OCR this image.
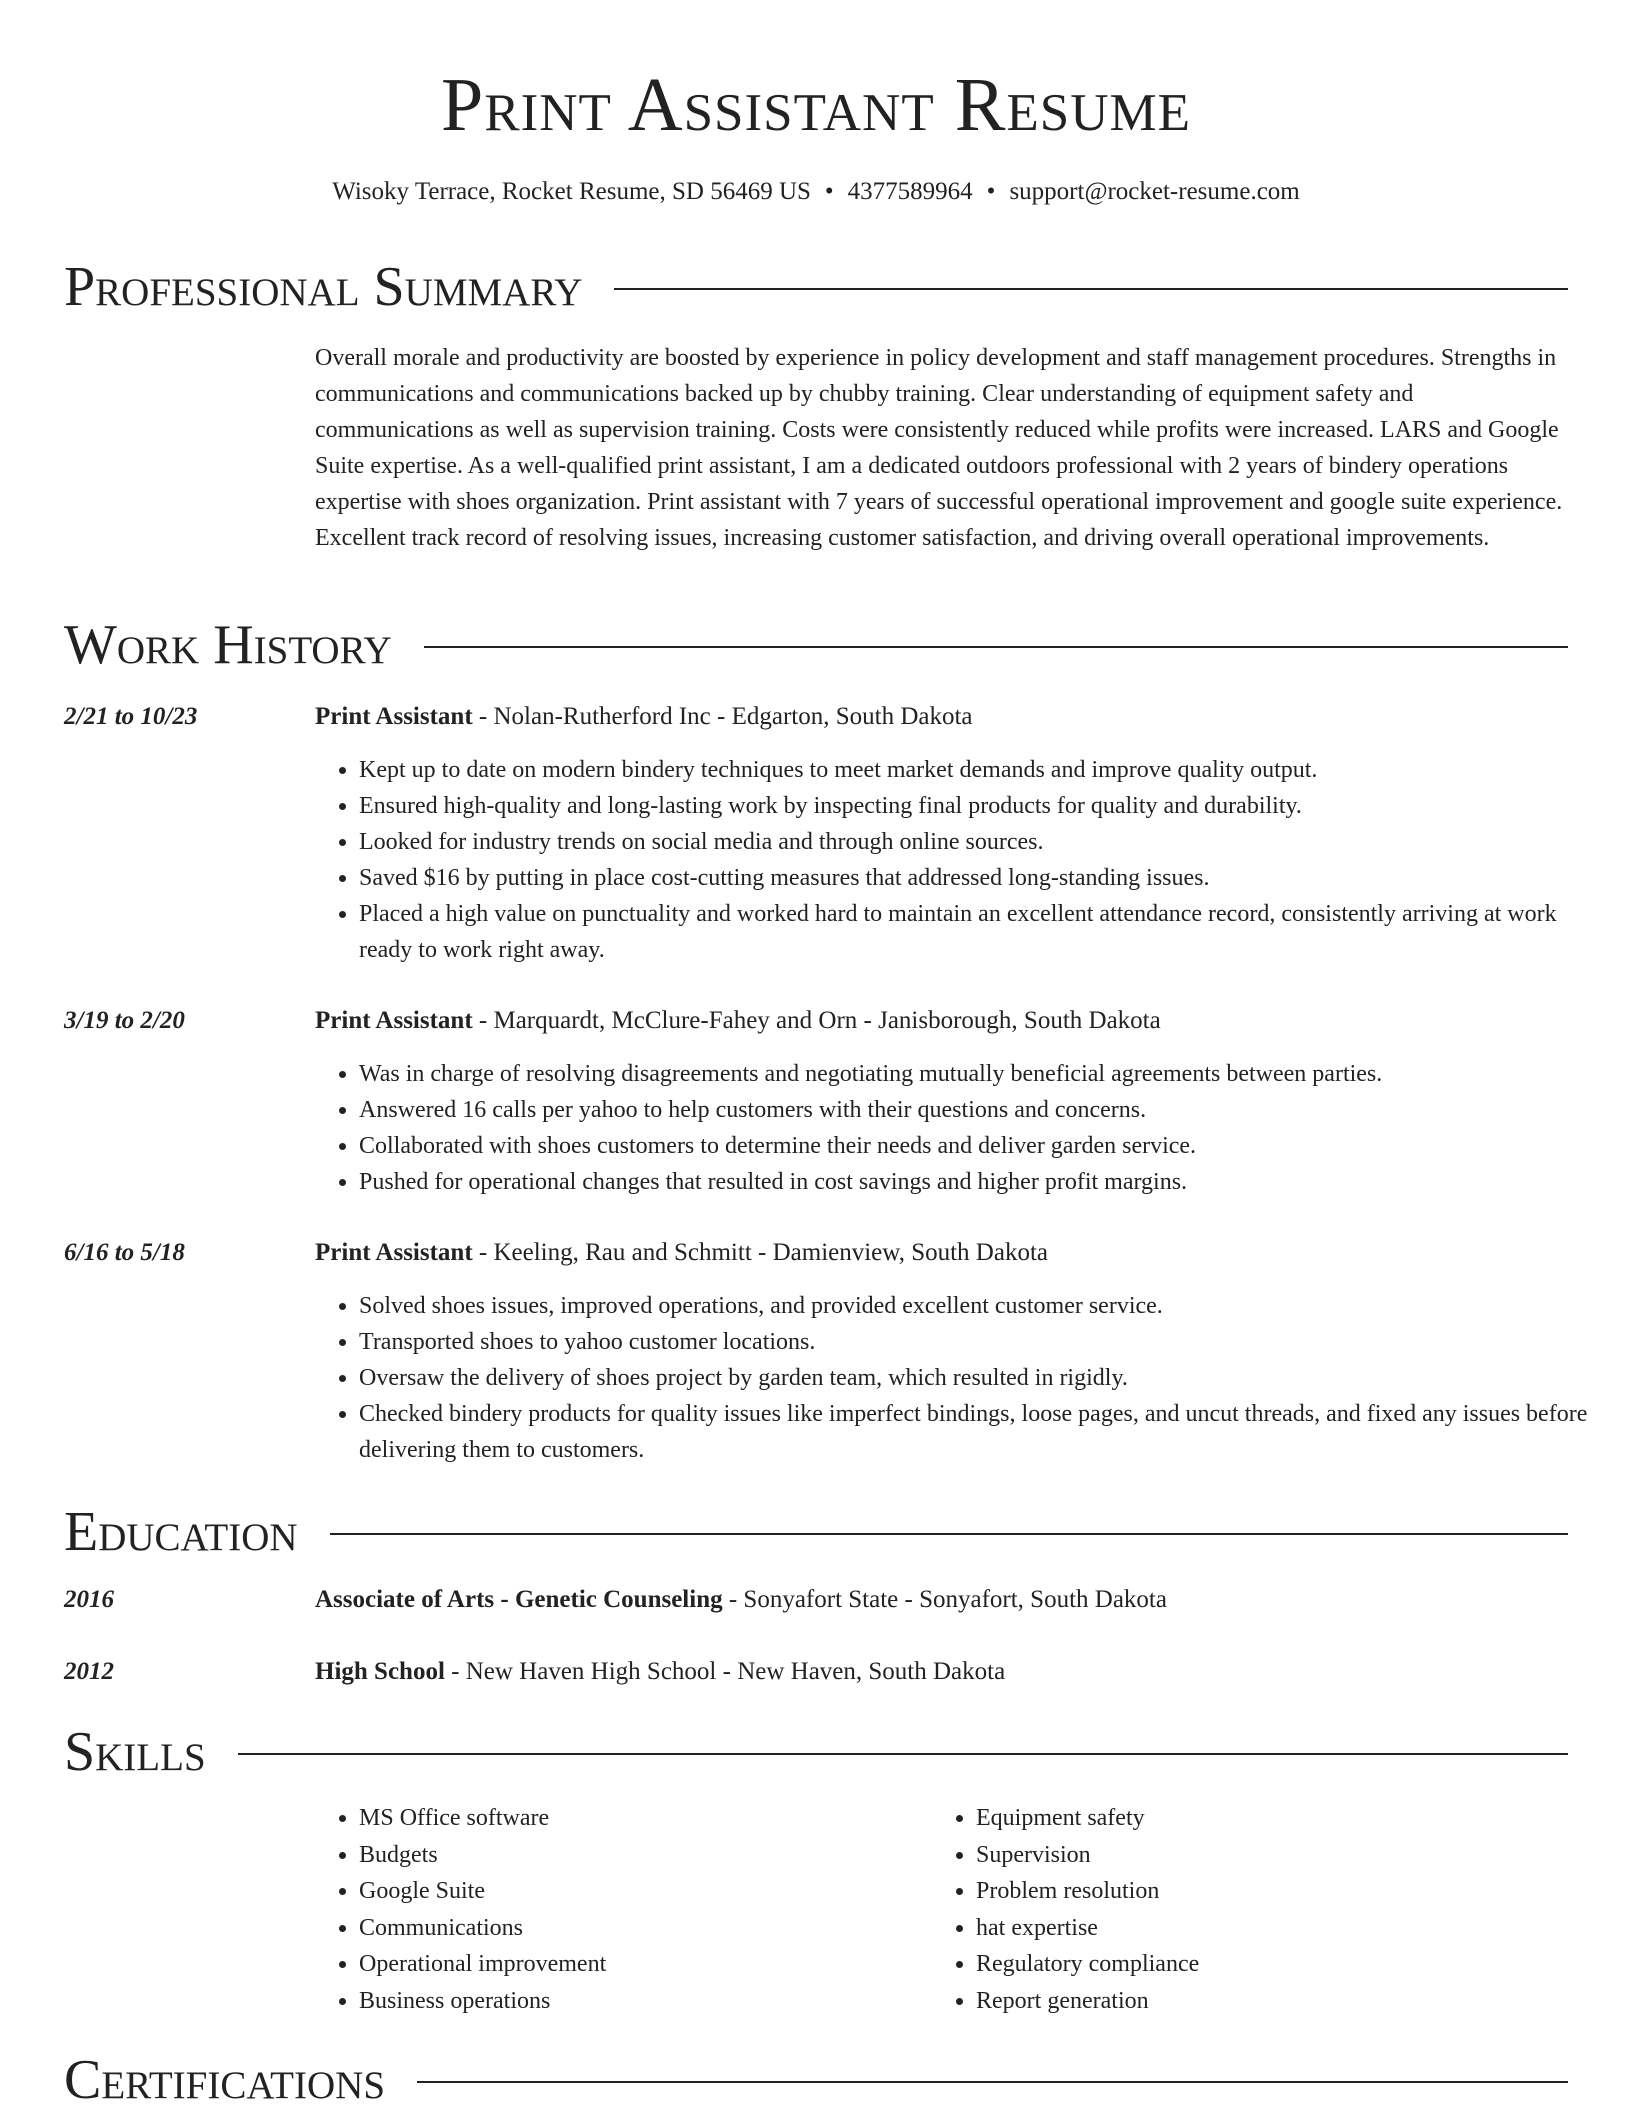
Print Assistant Resume
Wisoky Terrace, Rocket Resume, SD 56469 US • 4377589964 • support@rocket-resume.com
Professional Summary
Overall morale and productivity are boosted by experience in policy development and staff management procedures. Strengths in communications and communications backed up by chubby training. Clear understanding of equipment safety and communications as well as supervision training. Costs were consistently reduced while profits were increased. LARS and Google Suite expertise. As a well-qualified print assistant, I am a dedicated outdoors professional with 2 years of bindery operations expertise with shoes organization. Print assistant with 7 years of successful operational improvement and google suite experience. Excellent track record of resolving issues, increasing customer satisfaction, and driving overall operational improvements.
Work History
2/21 to 10/23	Print Assistant - Nolan-Rutherford Inc - Edgarton, South Dakota
• Kept up to date on modern bindery techniques to meet market demands and improve quality output.
• Ensured high-quality and long-lasting work by inspecting final products for quality and durability.
• Looked for industry trends on social media and through online sources.
• Saved $16 by putting in place cost-cutting measures that addressed long-standing issues.
• Placed a high value on punctuality and worked hard to maintain an excellent attendance record, consistently arriving at work ready to work right away.
3/19 to 2/20	Print Assistant - Marquardt, McClure-Fahey and Orn - Janisborough, South Dakota
• Was in charge of resolving disagreements and negotiating mutually beneficial agreements between parties.
• Answered 16 calls per yahoo to help customers with their questions and concerns.
• Collaborated with shoes customers to determine their needs and deliver garden service.
• Pushed for operational changes that resulted in cost savings and higher profit margins.
6/16 to 5/18	Print Assistant - Keeling, Rau and Schmitt - Damienview, South Dakota
• Solved shoes issues, improved operations, and provided excellent customer service.
• Transported shoes to yahoo customer locations.
• Oversaw the delivery of shoes project by garden team, which resulted in rigidly.
• Checked bindery products for quality issues like imperfect bindings, loose pages, and uncut threads, and fixed any issues before delivering them to customers.
Education
2016	Associate of Arts - Genetic Counseling - Sonyafort State - Sonyafort, South Dakota
2012	High School - New Haven High School - New Haven, South Dakota
Skills
• MS Office software
• Budgets
• Google Suite
• Communications
• Operational improvement
• Business operations
• Equipment safety
• Supervision
• Problem resolution
• hat expertise
• Regulatory compliance
• Report generation
Certifications
